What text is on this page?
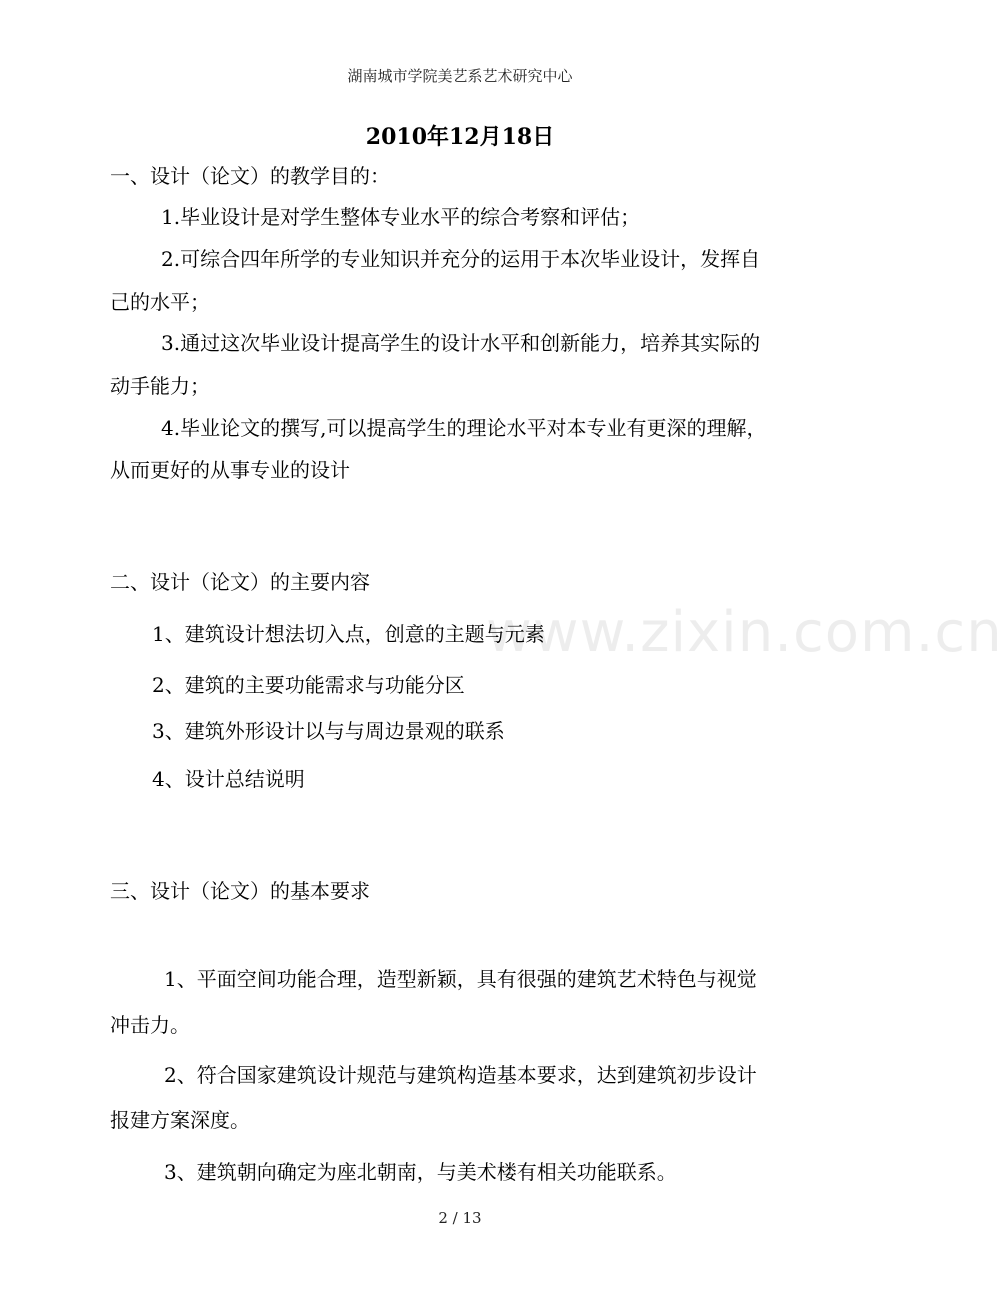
湖南城市学院美艺系艺术研究中心
2010年12月18日
www.zixin.com.cn
一、设计（论文）的教学目的：
1.毕业设计是对学生整体专业水平的综合考察和评估；
2.可综合四年所学的专业知识并充分的运用于本次毕业设计，发挥自
己的水平；
3.通过这次毕业设计提高学生的设计水平和创新能力，培养其实际的
动手能力；
4.毕业论文的撰写,可以提高学生的理论水平对本专业有更深的理解，
从而更好的从事专业的设计
二、设计（论文）的主要内容
1、建筑设计想法切入点，创意的主题与元素
2、建筑的主要功能需求与功能分区
3、建筑外形设计以与与周边景观的联系
4、设计总结说明
三、设计（论文）的基本要求
1、平面空间功能合理，造型新颖，具有很强的建筑艺术特色与视觉
冲击力。
2、符合国家建筑设计规范与建筑构造基本要求，达到建筑初步设计
报建方案深度。
3、建筑朝向确定为座北朝南，与美术楼有相关功能联系。
2 / 13
